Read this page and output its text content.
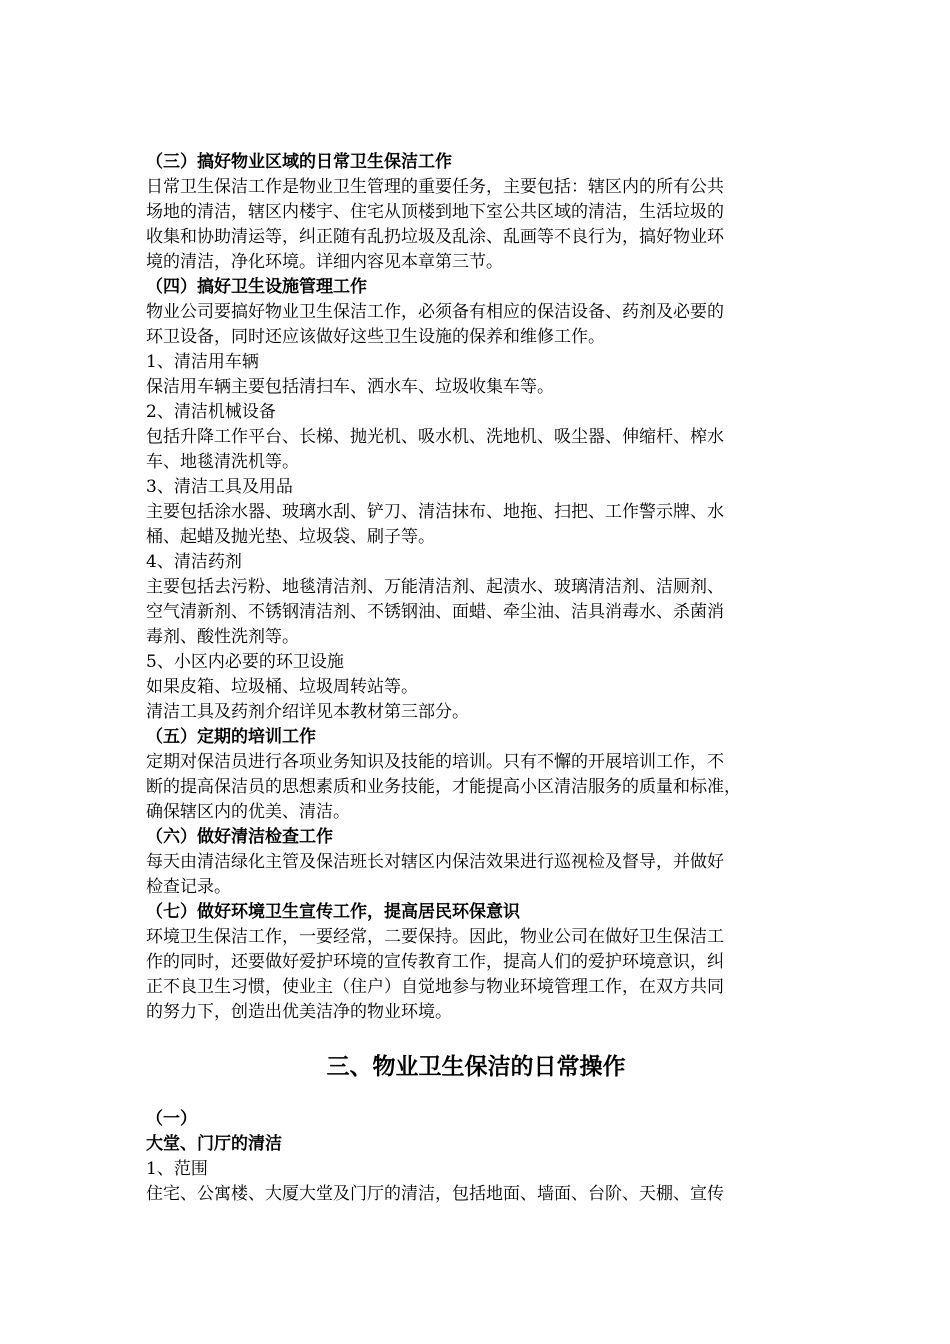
（三）搞好物业区域的日常卫生保洁工作
日常卫生保洁工作是物业卫生管理的重要任务，主要包括：辖区内的所有公共
场地的清洁，辖区内楼宇、住宅从顶楼到地下室公共区域的清洁，生活垃圾的
收集和协助清运等，纠正随有乱扔垃圾及乱涂、乱画等不良行为，搞好物业环
境的清洁，净化环境。详细内容见本章第三节。
（四）搞好卫生设施管理工作
物业公司要搞好物业卫生保洁工作，必须备有相应的保洁设备、药剂及必要的
环卫设备，同时还应该做好这些卫生设施的保养和维修工作。
1、清洁用车辆
保洁用车辆主要包括清扫车、洒水车、垃圾收集车等。
2、清洁机械设备
包括升降工作平台、长梯、抛光机、吸水机、洗地机、吸尘器、伸缩杆、榨水
车、地毯清洗机等。
3、清洁工具及用品
主要包括涂水器、玻璃水刮、铲刀、清洁抹布、地拖、扫把、工作警示牌、水
桶、起蜡及抛光垫、垃圾袋、刷子等。
4、清洁药剂
主要包括去污粉、地毯清洁剂、万能清洁剂、起渍水、玻璃清洁剂、洁厕剂、
空气清新剂、不锈钢清洁剂、不锈钢油、面蜡、牵尘油、洁具消毒水、杀菌消
毒剂、酸性洗剂等。
5、小区内必要的环卫设施
如果皮箱、垃圾桶、垃圾周转站等。
清洁工具及药剂介绍详见本教材第三部分。
（五）定期的培训工作
定期对保洁员进行各项业务知识及技能的培训。只有不懈的开展培训工作，不
断的提高保洁员的思想素质和业务技能，才能提高小区清洁服务的质量和标准，
确保辖区内的优美、清洁。
（六）做好清洁检查工作
每天由清洁绿化主管及保洁班长对辖区内保洁效果进行巡视检及督导，并做好
检查记录。
（七）做好环境卫生宣传工作，提高居民环保意识
环境卫生保洁工作，一要经常，二要保持。因此，物业公司在做好卫生保洁工
作的同时，还要做好爱护环境的宣传教育工作，提高人们的爱护环境意识，纠
正不良卫生习惯，使业主（住户）自觉地参与物业环境管理工作，在双方共同
的努力下，创造出优美洁净的物业环境。
三、物业卫生保洁的日常操作
（一）
大堂、门厅的清洁
1、范围
住宅、公寓楼、大厦大堂及门厅的清洁，包括地面、墙面、台阶、天棚、宣传
